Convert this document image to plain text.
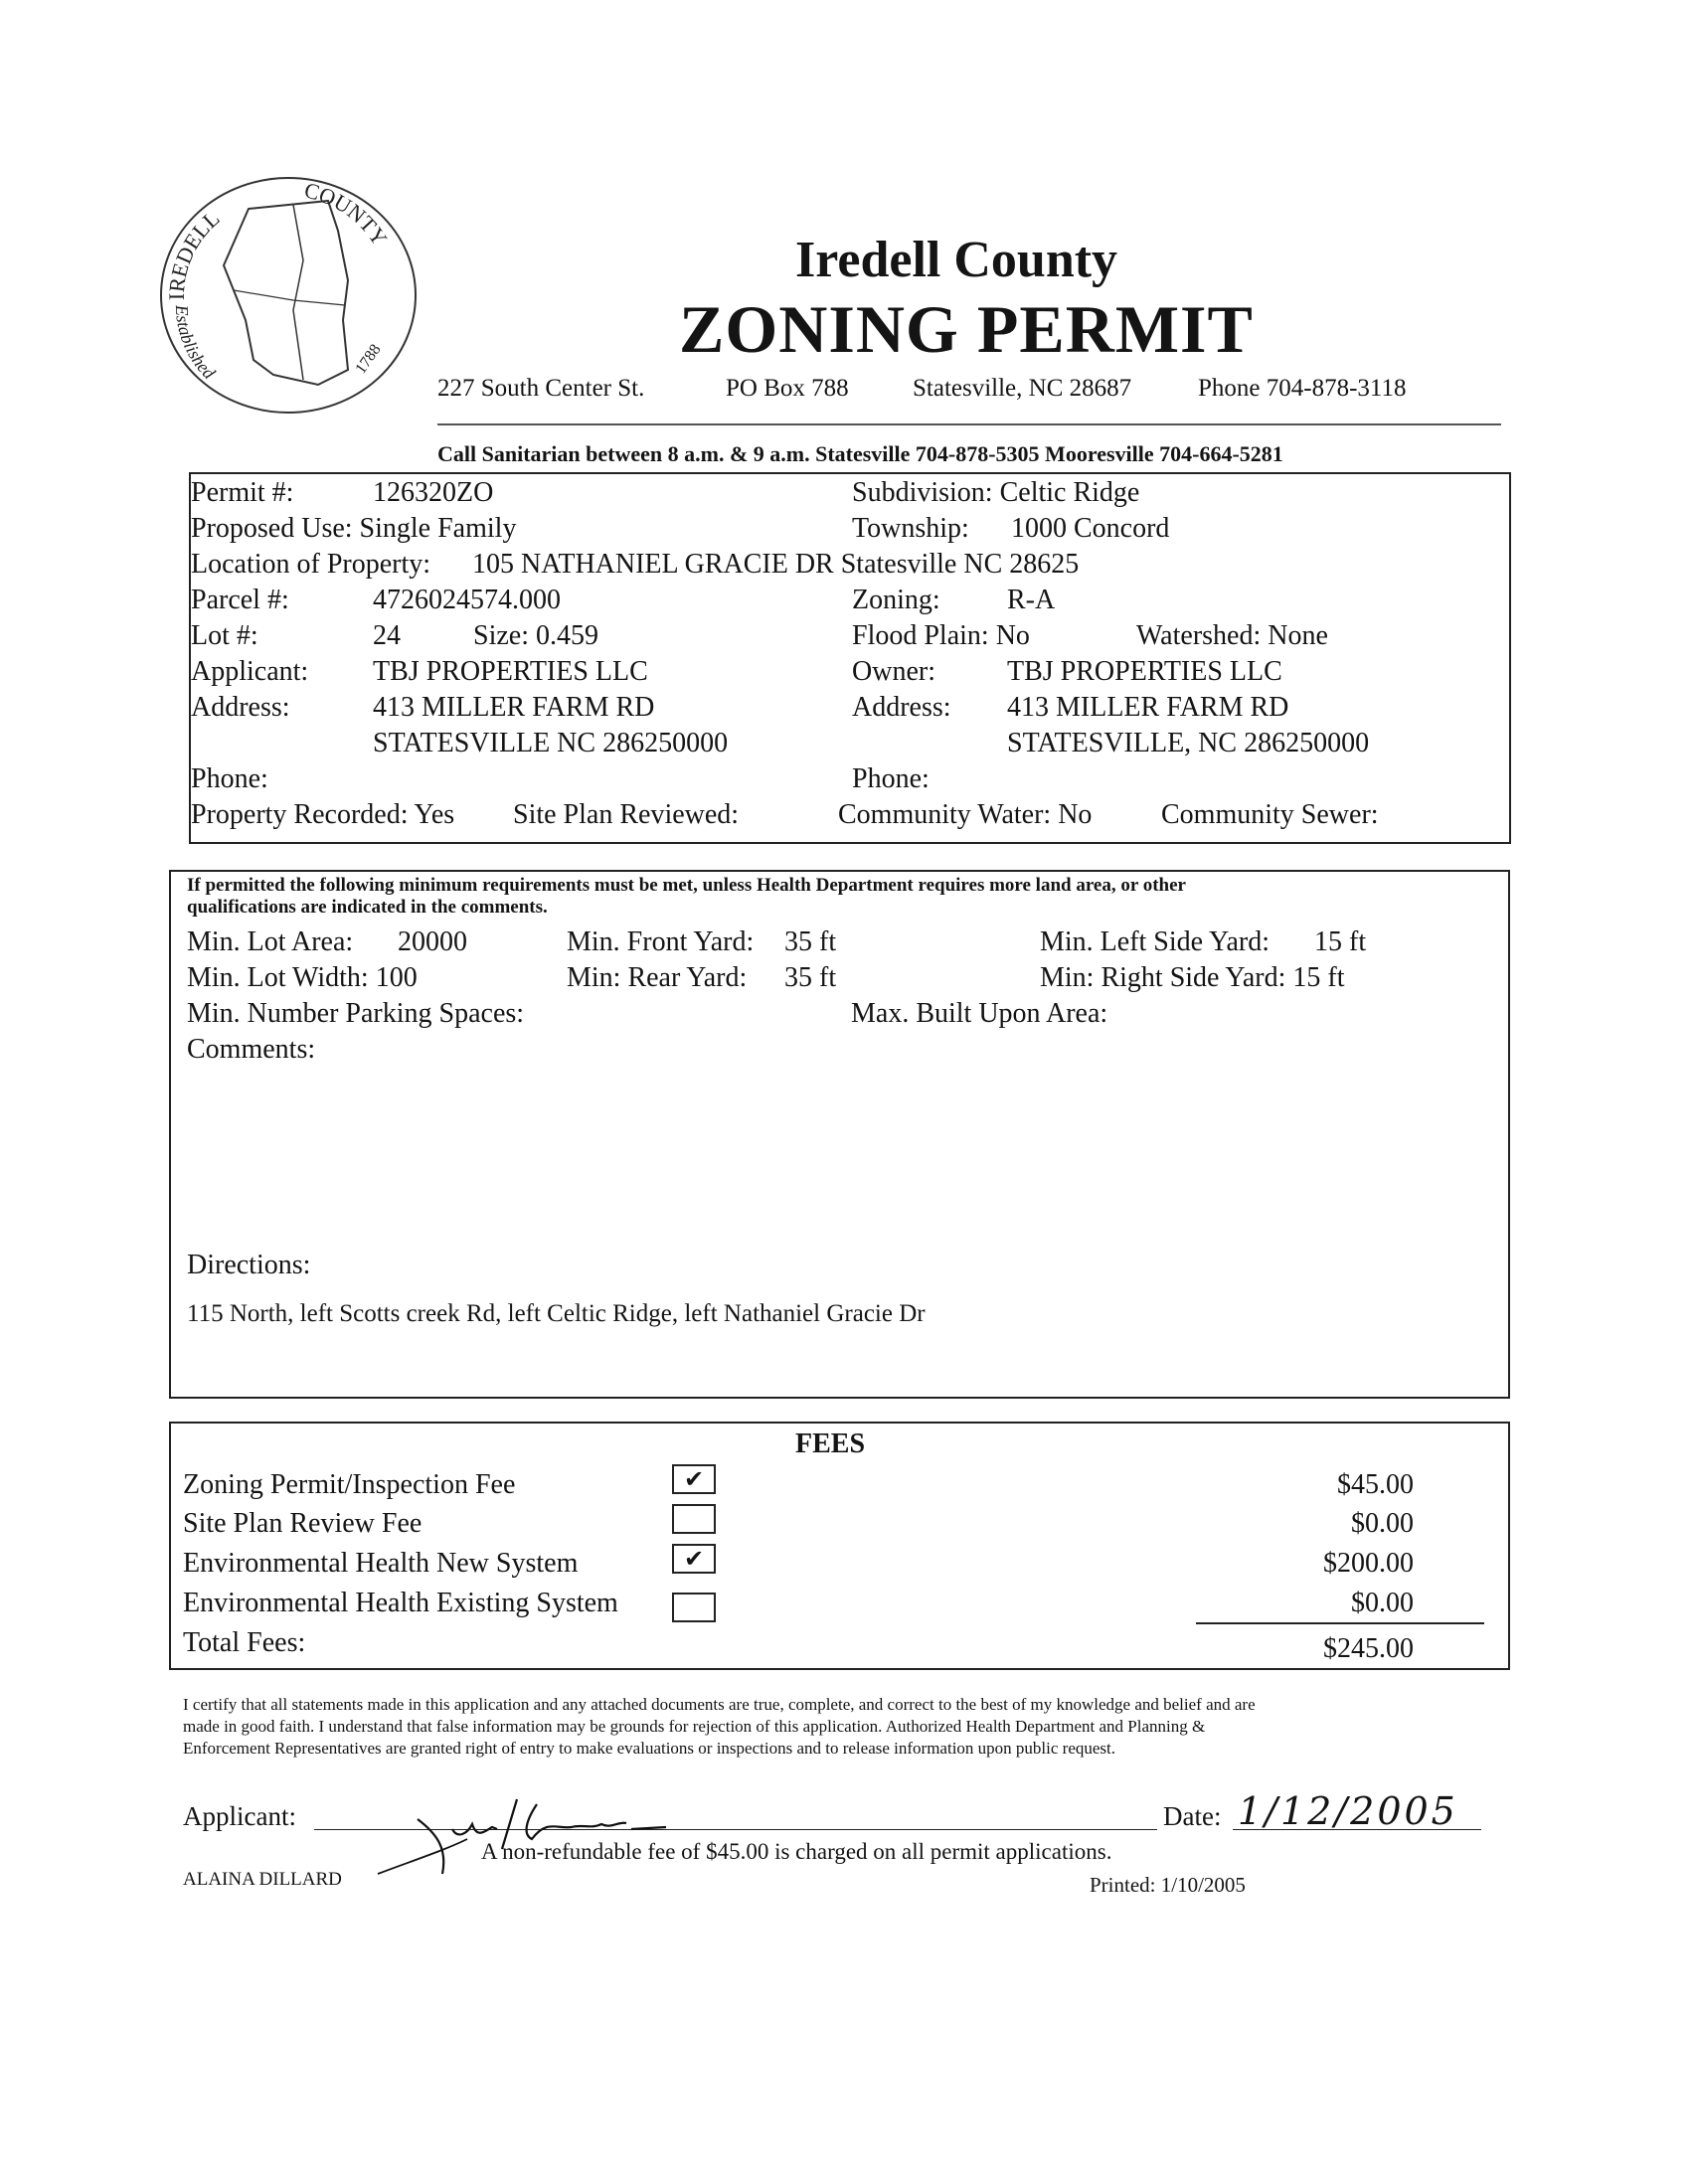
IREDELL
COUNTY
Established	1788
Iredell County
ZONING PERMIT
227 South Center St.	PO Box 788	Statesville, NC 28687	Phone 704-878-3118
Call Sanitarian between 8 a.m. & 9 a.m. Statesville 704-878-5305 Mooresville 704-664-5281
Permit #:	126320ZO	Subdivision: Celtic Ridge
Proposed Use: Single Family	Township: 1000 Concord
Location of Property: 105 NATHANIEL GRACIE DR Statesville NC 28625
Parcel #:	4726024574.000	Zoning: R-A
Lot #:	24	Size: 0.459	Flood Plain: No	Watershed: None
Applicant: TBJ PROPERTIES LLC	Owner:	TBJ PROPERTIES LLC
Address:	413 MILLER FARM RD	Address: 413 MILLER FARM RD
STATESVILLE NC 286250000	STATESVILLE, NC 286250000
Phone:	Phone:
Property Recorded: Yes Site Plan Reviewed:	Community Water: No Community Sewer:
If permitted the following minimum requirements must be met, unless Health Department requires more land area, or other
qualifications are indicated in the comments.
Min. Lot Area: 20000	Min. Front Yard: 35 ft	Min. Left Side Yard: 15 ft
Min. Lot Width: 100	Min: Rear Yard: 35 ft	Min: Right Side Yard: 15 ft
Min. Number Parking Spaces:	Max. Built Upon Area:
Comments:
Directions:
115 North, left Scotts creek Rd, left Celtic Ridge, left Nathaniel Gracie Dr
FEES
Zoning Permit/Inspection Fee	✔	$45.00
Site Plan Review Fee	$0.00
Environmental Health New System	✔	$200.00
Environmental Health Existing System	$0.00
Total Fees:	$245.00
I certify that all statements made in this application and any attached documents are true, complete, and correct to the best of my knowledge and belief and are
made in good faith. I understand that false information may be grounds for rejection of this application. Authorized Health Department and Planning &
Enforcement Representatives are granted right of entry to make evaluations or inspections and to release information upon public request.
Applicant:	Date: 1/12/2005
A non-refundable fee of $45.00 is charged on all permit applications.
ALAINA DILLARD	Printed: 1/10/2005
